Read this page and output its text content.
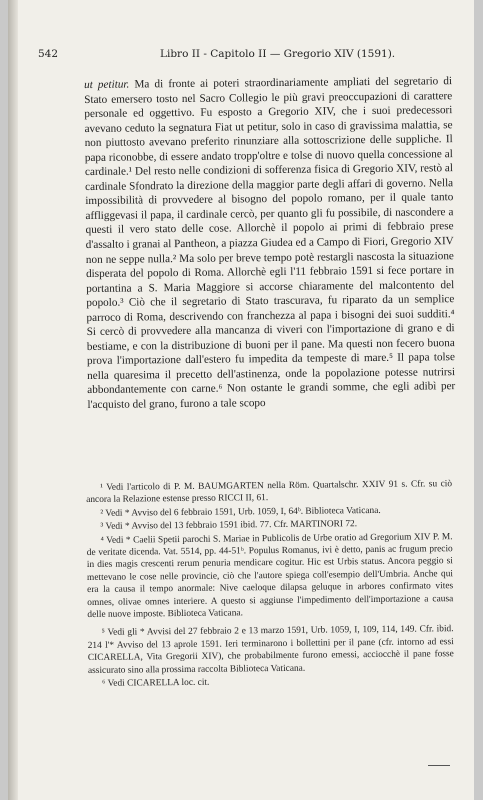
542	Libro II - Capitolo II — Gregorio XIV (1591).

ut petitur. Ma di fronte ai poteri straordinariamente ampliati del segretario di Stato emersero tosto nel Sacro Collegio le più gravi preoccupazioni di carattere personale ed oggettivo. Fu esposto a Gregorio XIV, che i suoi predecessori avevano ceduto la segnatura Fiat ut petitur, solo in caso di gravissima malattia, se non piuttosto avevano preferito rinunziare alla sottoscrizione delle suppliche. Il papa riconobbe, di essere andato tropp'oltre e tolse di nuovo quella concessione al cardinale.¹ Del resto nelle condizioni di sofferenza fisica di Gregorio XIV, restò al cardinale Sfondrato la direzione della maggior parte degli affari di governo. Nella impossibilità di provvedere al bisogno del popolo romano, per il quale tanto affliggevasi il papa, il cardinale cercò, per quanto gli fu possibile, di nascondere a questi il vero stato delle cose. Allorchè il popolo ai primi di febbraio prese d'assalto i granai al Pantheon, a piazza Giudea ed a Campo di Fiori, Gregorio XIV non ne seppe nulla.² Ma solo per breve tempo potè restargli nascosta la situazione disperata del popolo di Roma. Allorchè egli l'11 febbraio 1591 si fece portare in portantina a S. Maria Maggiore si accorse chiaramente del malcontento del popolo.³ Ciò che il segretario di Stato trascurava, fu riparato da un semplice parroco di Roma, descrivendo con franchezza al papa i bisogni dei suoi sudditi.⁴ Si cercò di provvedere alla mancanza di viveri con l'importazione di grano e di bestiame, e con la distribuzione di buoni per il pane. Ma questi non fecero buona prova l'importazione dall'estero fu impedita da tempeste di mare.⁵ Il papa tolse nella quaresima il precetto dell'astinenza, onde la popolazione potesse nutrirsi abbondantemente con carne.⁶ Non ostante le grandi somme, che egli adibì per l'acquisto del grano, furono a tale scopo

¹ Vedi l'articolo di P. M. BAUMGARTEN nella Röm. Quartalschr. XXIV 91 s. Cfr. su ciò ancora la Relazione estense presso RICCI II, 61.

² Vedi * Avviso del 6 febbraio 1591, Urb. 1059, I, 64ᵇ. Biblioteca Vaticana.

³ Vedi * Avviso del 13 febbraio 1591 ibid. 77. Cfr. MARTINORI 72.

⁴ Vedi * Caelii Spetii parochi S. Mariae in Publicolis de Urbe oratio ad Gregorium XIV P. M. de veritate dicenda. Vat. 5514, pp. 44-51ᵇ. Populus Romanus, ivi è detto, panis ac frugum precio in dies magis crescenti rerum penuria mendicare cogitur. Hic est Urbis status. Ancora peggio si mettevano le cose nelle provincie, ciò che l'autore spiega coll'esempio dell'Umbria. Anche qui era la causa il tempo anormale: Nive caeloque dilapsa geluque in arbores confirmato vites omnes, olivae omnes interiere. A questo si aggiunse l'impedimento dell'importazione a causa delle nuove imposte. Biblioteca Vaticana.

⁵ Vedi gli * Avvisi del 27 febbraio 2 e 13 marzo 1591, Urb. 1059, I, 109, 114, 149. Cfr. ibid. 214 l'* Avviso del 13 aprole 1591. Ieri terminarono i bollettini per il pane (cfr. intorno ad essi CICARELLA, Vita Gregorii XIV), che probabilmente furono emessi, acciocchè il pane fosse assicurato sino alla prossima raccolta Biblioteca Vaticana.

⁶ Vedi CICARELLA loc. cit.
